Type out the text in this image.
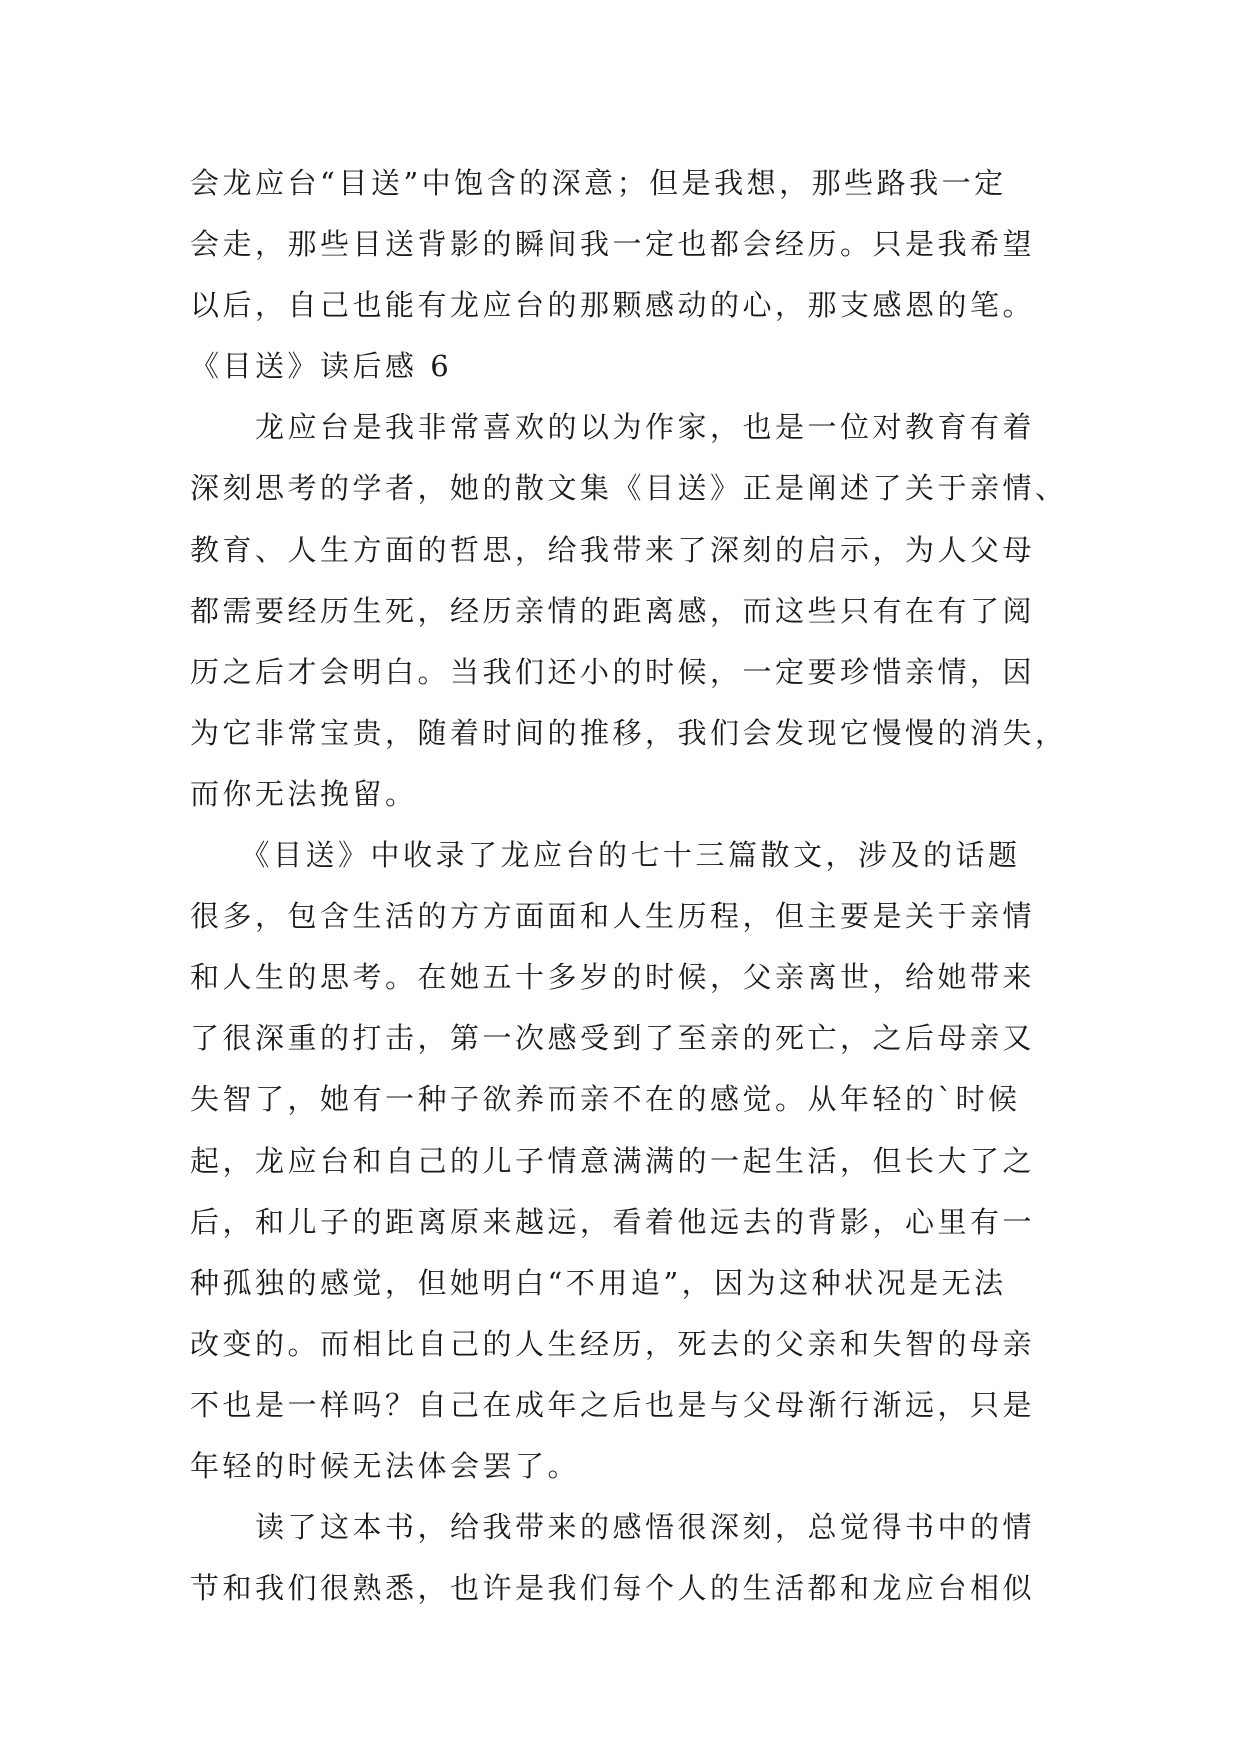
会龙应台“目送”中饱含的深意；但是我想，那些路我一定
会走，那些目送背影的瞬间我一定也都会经历。只是我希望
以后，自己也能有龙应台的那颗感动的心，那支感恩的笔。
《目送》读后感 6
　　龙应台是我非常喜欢的以为作家，也是一位对教育有着
深刻思考的学者，她的散文集《目送》正是阐述了关于亲情、
教育、人生方面的哲思，给我带来了深刻的启示，为人父母
都需要经历生死，经历亲情的距离感，而这些只有在有了阅
历之后才会明白。当我们还小的时候，一定要珍惜亲情，因
为它非常宝贵，随着时间的推移，我们会发现它慢慢的消失，
而你无法挽留。
　　《目送》中收录了龙应台的七十三篇散文，涉及的话题
很多，包含生活的方方面面和人生历程，但主要是关于亲情
和人生的思考。在她五十多岁的时候，父亲离世，给她带来
了很深重的打击，第一次感受到了至亲的死亡，之后母亲又
失智了，她有一种子欲养而亲不在的感觉。从年轻的`时候
起，龙应台和自己的儿子情意满满的一起生活，但长大了之
后，和儿子的距离原来越远，看着他远去的背影，心里有一
种孤独的感觉，但她明白“不用追”，因为这种状况是无法
改变的。而相比自己的人生经历，死去的父亲和失智的母亲
不也是一样吗？自己在成年之后也是与父母渐行渐远，只是
年轻的时候无法体会罢了。
　　读了这本书，给我带来的感悟很深刻，总觉得书中的情
节和我们很熟悉，也许是我们每个人的生活都和龙应台相似
